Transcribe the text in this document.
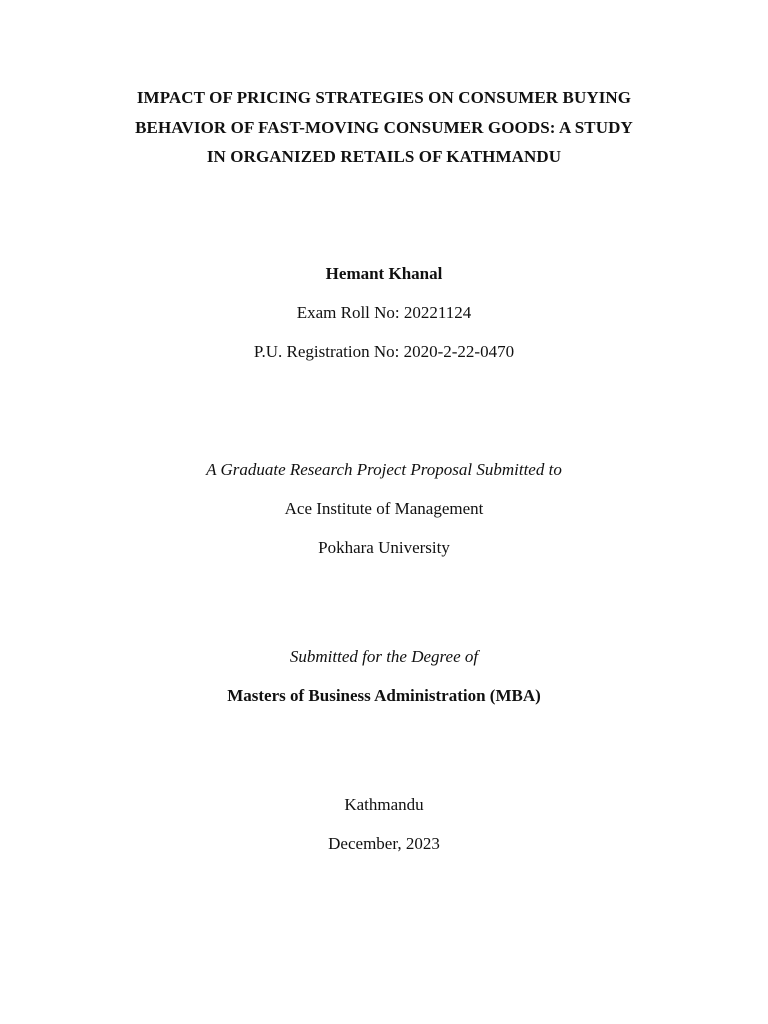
IMPACT OF PRICING STRATEGIES ON CONSUMER BUYING
BEHAVIOR OF FAST-MOVING CONSUMER GOODS: A STUDY
IN ORGANIZED RETAILS OF KATHMANDU
Hemant Khanal
Exam Roll No: 20221124
P.U. Registration No: 2020-2-22-0470
A Graduate Research Project Proposal Submitted to
Ace Institute of Management
Pokhara University
Submitted for the Degree of
Masters of Business Administration (MBA)
Kathmandu
December, 2023
